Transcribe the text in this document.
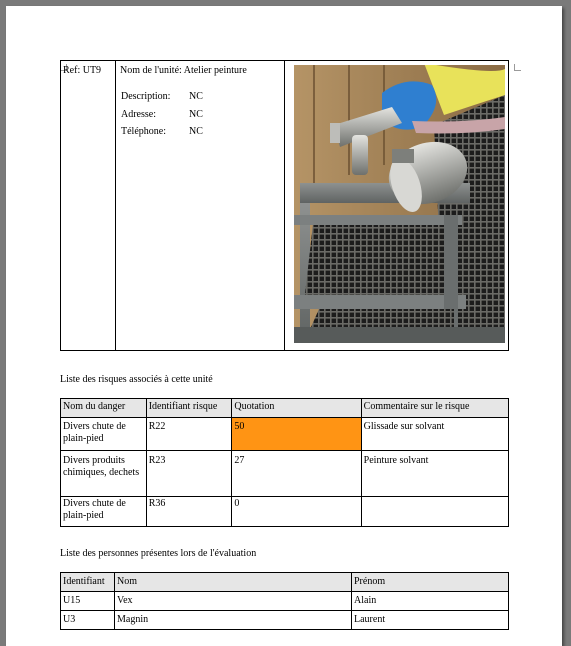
Ref: UT9	Nom de l'unité: Atelier peinture
Description:	NC
Adresse:	NC
Téléphone:	NC

Liste des risques associés à cette unité
Nom du danger	Identifiant risque	Quotation	Commentaire sur le risque
Divers chute de plain-pied	R22	50	Glissade sur solvant
Divers produits chimiques, dechets	R23	27	Peinture solvant
Divers chute de plain-pied	R36	0	
Liste des personnes présentes lors de l'évaluation
Identifiant	Nom	Prénom
U15	Vex	Alain
U3	Magnin	Laurent
